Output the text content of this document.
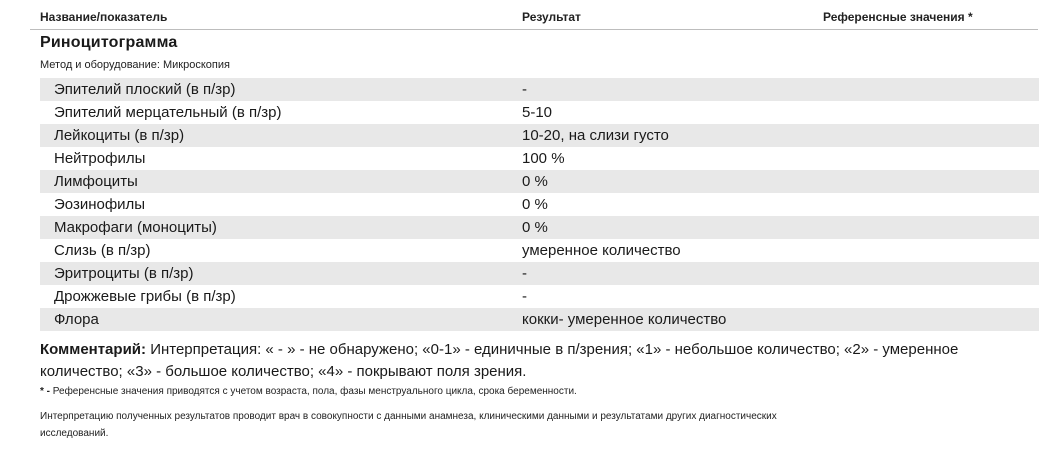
Название/показатель	Результат	Референсные значения *
Риноцитограмма
Метод и оборудование: Микроскопия
Эпителий плоский (в п/зр)	-
Эпителий мерцательный (в п/зр)	5-10
Лейкоциты (в п/зр)	10-20, на слизи густо
Нейтрофилы	100 %
Лимфоциты	0 %
Эозинофилы	0 %
Макрофаги (моноциты)	0 %
Слизь (в п/зр)	умеренное количество
Эритроциты (в п/зр)	-
Дрожжевые грибы (в п/зр)	-
Флора	кокки- умеренное количество
Комментарий: Интерпретация: « - » - не обнаружено; «0-1» - единичные в п/зрения; «1» - небольшое количество; «2» - умеренное количество; «3» - большое количество; «4» - покрывают поля зрения.
* - Референсные значения приводятся с учетом возраста, пола, фазы менструального цикла, срока беременности.
Интерпретацию полученных результатов проводит врач в совокупности с данными анамнеза, клиническими данными и результатами других диагностических исследований.
